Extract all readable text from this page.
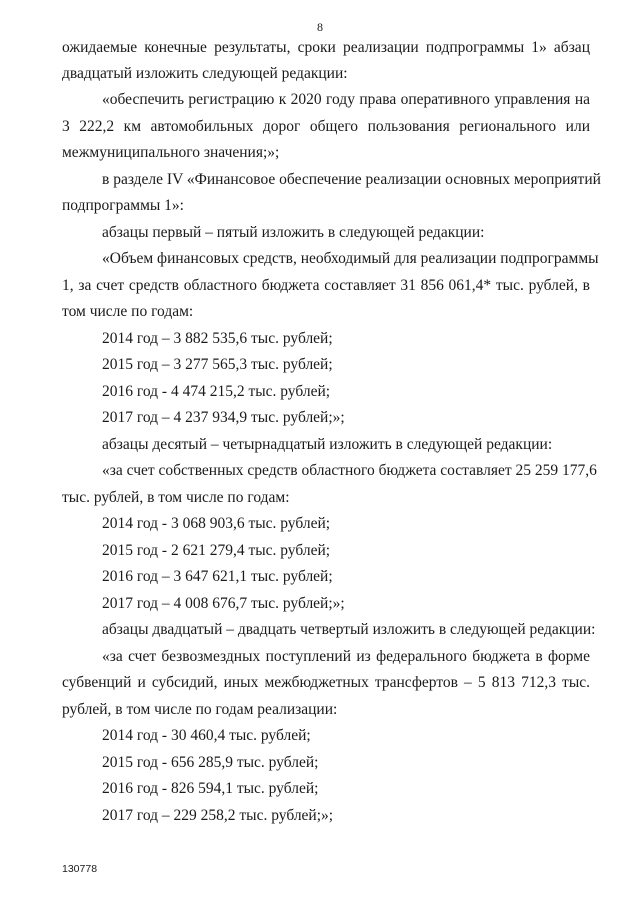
8
ожидаемые конечные результаты, сроки реализации подпрограммы 1» абзац
двадцатый изложить следующей редакции:
«обеспечить регистрацию к 2020 году права оперативного управления на
3 222,2 км автомобильных дорог общего пользования регионального или
межмуниципального значения;»;
в разделе IV «Финансовое обеспечение реализации основных мероприятий
подпрограммы 1»:
абзацы первый – пятый изложить в следующей редакции:
«Объем финансовых средств, необходимый для реализации подпрограммы
1, за счет средств областного бюджета составляет 31 856 061,4* тыс. рублей, в
том числе по годам:
2014 год – 3 882 535,6 тыс. рублей;
2015 год – 3 277 565,3 тыс. рублей;
2016 год - 4 474 215,2 тыс. рублей;
2017 год – 4 237 934,9 тыс. рублей;»;
абзацы десятый – четырнадцатый изложить в следующей редакции:
«за счет собственных средств областного бюджета составляет 25 259 177,6
тыс. рублей, в том числе по годам:
2014 год - 3 068 903,6 тыс. рублей;
2015 год - 2 621 279,4 тыс. рублей;
2016 год – 3 647 621,1 тыс. рублей;
2017 год – 4 008 676,7 тыс. рублей;»;
абзацы двадцатый – двадцать четвертый изложить в следующей редакции:
«за счет безвозмездных поступлений из федерального бюджета в форме
субвенций и субсидий, иных межбюджетных трансфертов – 5 813 712,3 тыс.
рублей, в том числе по годам реализации:
2014 год - 30 460,4 тыс. рублей;
2015 год - 656 285,9 тыс. рублей;
2016 год - 826 594,1 тыс. рублей;
2017 год – 229 258,2 тыс. рублей;»;
130778
